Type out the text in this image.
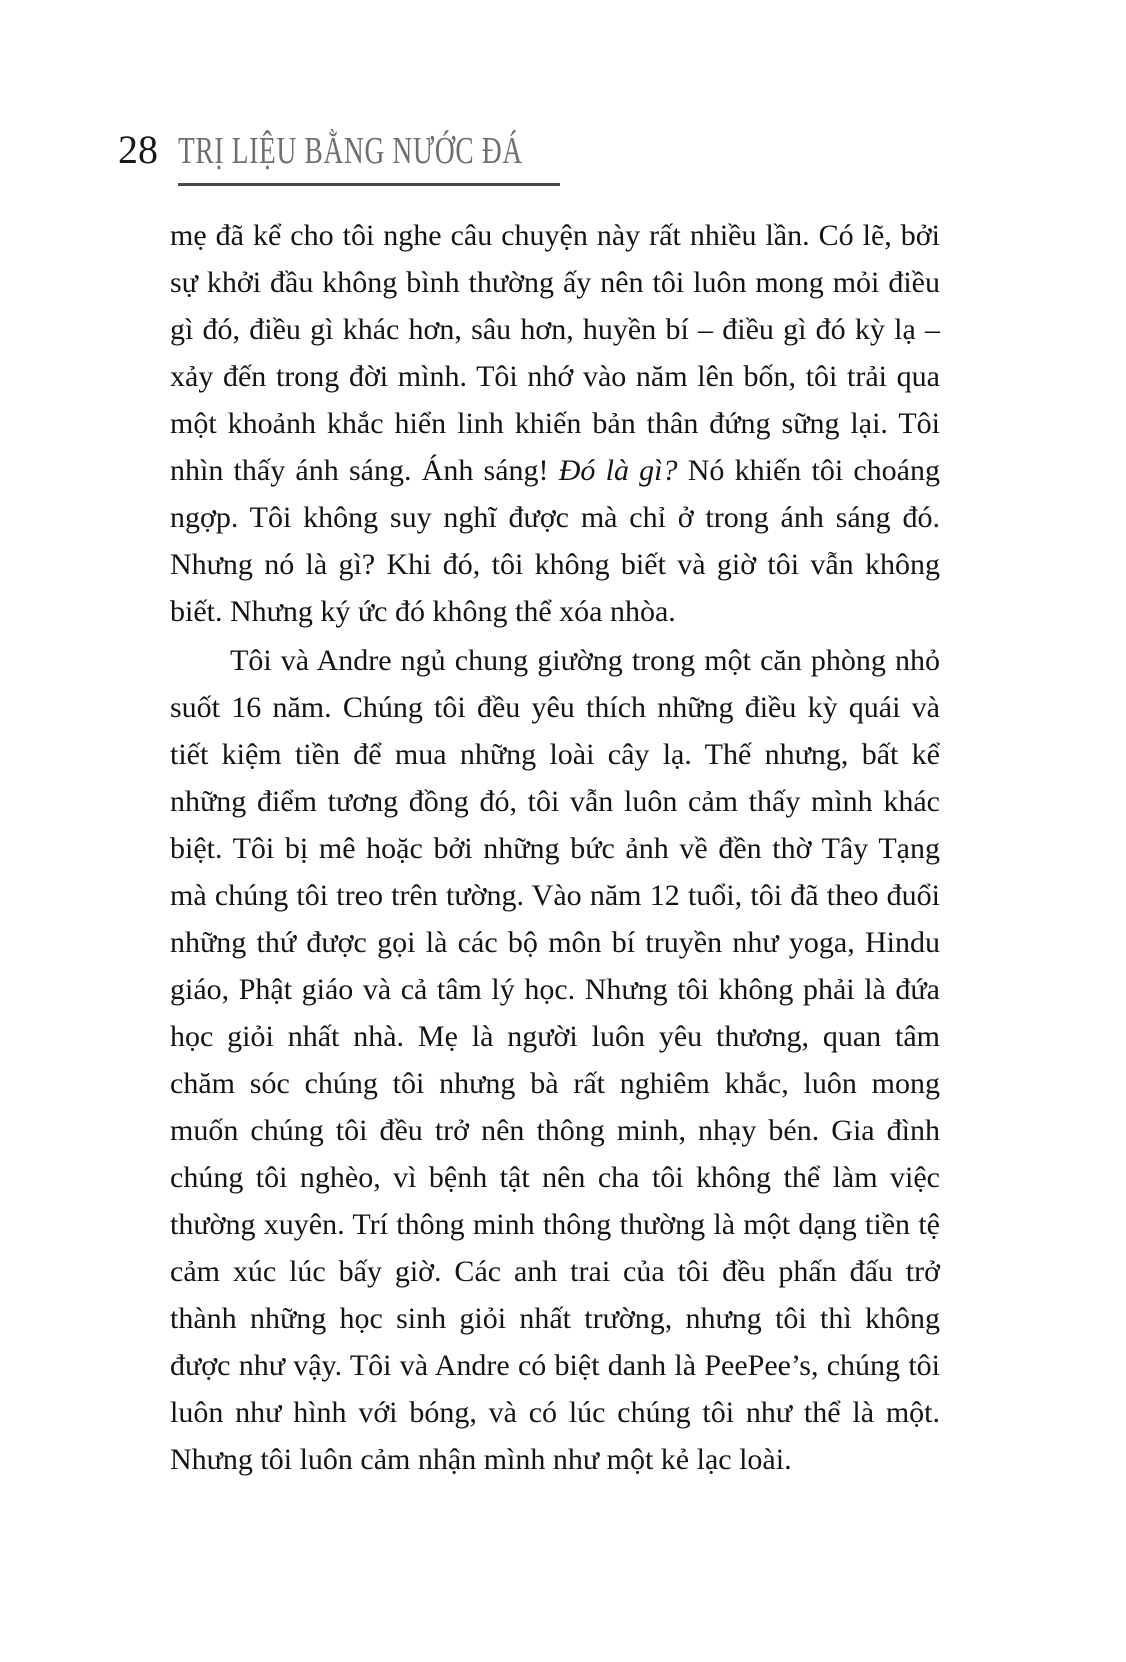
28 TRỊ LIỆU BẰNG NƯỚC ĐÁ

mẹ đã kể cho tôi nghe câu chuyện này rất nhiều lần. Có lẽ, bởi sự khởi đầu không bình thường ấy nên tôi luôn mong mỏi điều gì đó, điều gì khác hơn, sâu hơn, huyền bí – điều gì đó kỳ lạ – xảy đến trong đời mình. Tôi nhớ vào năm lên bốn, tôi trải qua một khoảnh khắc hiển linh khiến bản thân đứng sững lại. Tôi nhìn thấy ánh sáng. Ánh sáng! Đó là gì? Nó khiến tôi choáng ngợp. Tôi không suy nghĩ được mà chỉ ở trong ánh sáng đó. Nhưng nó là gì? Khi đó, tôi không biết và giờ tôi vẫn không biết. Nhưng ký ức đó không thể xóa nhòa.

Tôi và Andre ngủ chung giường trong một căn phòng nhỏ suốt 16 năm. Chúng tôi đều yêu thích những điều kỳ quái và tiết kiệm tiền để mua những loài cây lạ. Thế nhưng, bất kể những điểm tương đồng đó, tôi vẫn luôn cảm thấy mình khác biệt. Tôi bị mê hoặc bởi những bức ảnh về đền thờ Tây Tạng mà chúng tôi treo trên tường. Vào năm 12 tuổi, tôi đã theo đuổi những thứ được gọi là các bộ môn bí truyền như yoga, Hindu giáo, Phật giáo và cả tâm lý học. Nhưng tôi không phải là đứa học giỏi nhất nhà. Mẹ là người luôn yêu thương, quan tâm chăm sóc chúng tôi nhưng bà rất nghiêm khắc, luôn mong muốn chúng tôi đều trở nên thông minh, nhạy bén. Gia đình chúng tôi nghèo, vì bệnh tật nên cha tôi không thể làm việc thường xuyên. Trí thông minh thông thường là một dạng tiền tệ cảm xúc lúc bấy giờ. Các anh trai của tôi đều phấn đấu trở thành những học sinh giỏi nhất trường, nhưng tôi thì không được như vậy. Tôi và Andre có biệt danh là PeePee’s, chúng tôi luôn như hình với bóng, và có lúc chúng tôi như thể là một. Nhưng tôi luôn cảm nhận mình như một kẻ lạc loài.
